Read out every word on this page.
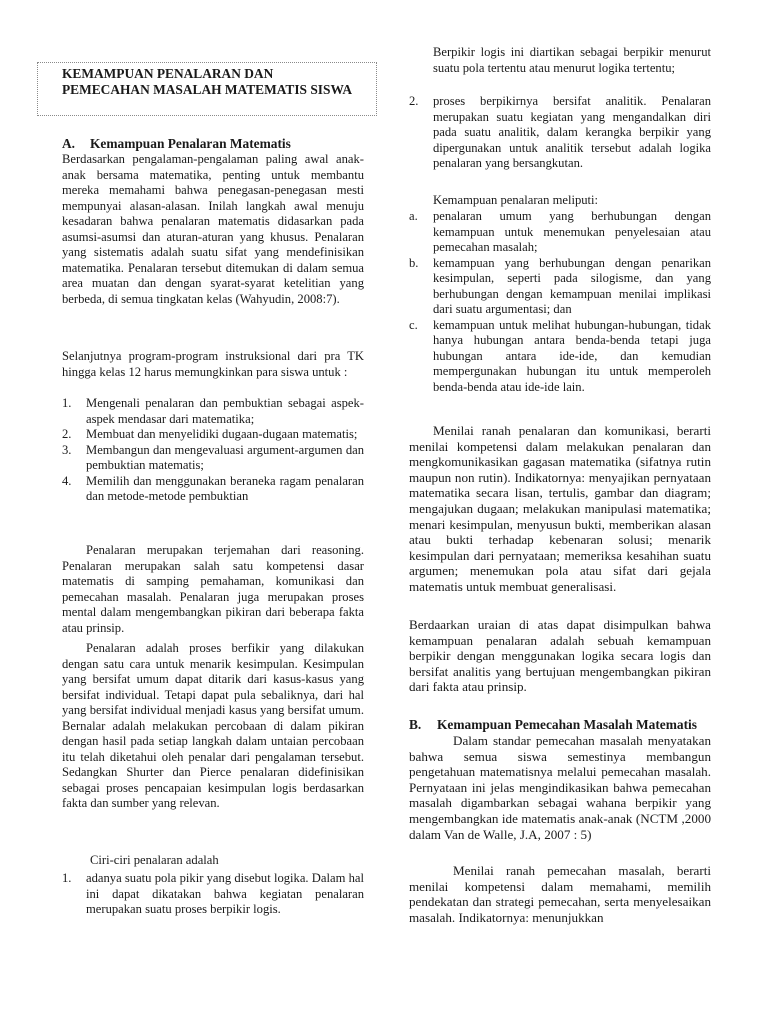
KEMAMPUAN PENALARAN DAN PEMECAHAN MASALAH MATEMATIS SISWA
A. Kemampuan Penalaran Matematis

Berdasarkan pengalaman-pengalaman paling awal anak-anak bersama matematika, penting untuk membantu mereka memahami bahwa penegasan-penegasan mesti mempunyai alasan-alasan. Inilah langkah awal menuju kesadaran bahwa penalaran matematis didasarkan pada asumsi-asumsi dan aturan-aturan yang khusus. Penalaran yang sistematis adalah suatu sifat yang mendefinisikan matematika. Penalaran tersebut ditemukan di dalam semua area muatan dan dengan syarat-syarat ketelitian yang berbeda, di semua tingkatan kelas (Wahyudin, 2008:7).

Selanjutnya program-program instruksional dari pra TK hingga kelas 12 harus memungkinkan para siswa untuk :

1. Mengenali penalaran dan pembuktian sebagai aspek-aspek mendasar dari matematika;
2. Membuat dan menyelidiki dugaan-dugaan matematis;
3. Membangun dan mengevaluasi argument-argumen dan pembuktian matematis;
4. Memilih dan menggunakan beraneka ragam penalaran dan metode-metode pembuktian

Penalaran merupakan terjemahan dari reasoning. Penalaran merupakan salah satu kompetensi dasar matematis di samping pemahaman, komunikasi dan pemecahan masalah. Penalaran juga merupakan proses mental dalam mengembangkan pikiran dari beberapa fakta atau prinsip.

Penalaran adalah proses berfikir yang dilakukan dengan satu cara untuk menarik kesimpulan. Kesimpulan yang bersifat umum dapat ditarik dari kasus-kasus yang bersifat individual. Tetapi dapat pula sebaliknya, dari hal yang bersifat individual menjadi kasus yang bersifat umum. Bernalar adalah melakukan percobaan di dalam pikiran dengan hasil pada setiap langkah dalam untaian percobaan itu telah diketahui oleh penalar dari pengalaman tersebut. Sedangkan Shurter dan Pierce penalaran didefinisikan sebagai proses pencapaian kesimpulan logis berdasarkan fakta dan sumber yang relevan.

Ciri-ciri penalaran adalah

1. adanya suatu pola pikir yang disebut logika. Dalam hal ini dapat dikatakan bahwa kegiatan penalaran merupakan suatu proses berpikir logis.

Berpikir logis ini diartikan sebagai berpikir menurut suatu pola tertentu atau menurut logika tertentu;

2. proses berpikirnya bersifat analitik. Penalaran merupakan suatu kegiatan yang mengandalkan diri pada suatu analitik, dalam kerangka berpikir yang dipergunakan untuk analitik tersebut adalah logika penalaran yang bersangkutan.

Kemampuan penalaran meliputi:

a. penalaran umum yang berhubungan dengan kemampuan untuk menemukan penyelesaian atau pemecahan masalah;
b. kemampuan yang berhubungan dengan penarikan kesimpulan, seperti pada silogisme, dan yang berhubungan dengan kemampuan menilai implikasi dari suatu argumentasi; dan
c. kemampuan untuk melihat hubungan-hubungan, tidak hanya hubungan antara benda-benda tetapi juga hubungan antara ide-ide, dan kemudian mempergunakan hubungan itu untuk memperoleh benda-benda atau ide-ide lain.

Menilai ranah penalaran dan komunikasi, berarti menilai kompetensi dalam melakukan penalaran dan mengkomunikasikan gagasan matematika (sifatnya rutin maupun non rutin). Indikatornya: menyajikan pernyataan matematika secara lisan, tertulis, gambar dan diagram; mengajukan dugaan; melakukan manipulasi matematika; menari kesimpulan, menyusun bukti, memberikan alasan atau bukti terhadap kebenaran solusi; menarik kesimpulan dari pernyataan; memeriksa kesahihan suatu argumen; menemukan pola atau sifat dari gejala matematis untuk membuat generalisasi.

Berdaarkan uraian di atas dapat disimpulkan bahwa kemampuan penalaran adalah sebuah kemampuan berpikir dengan menggunakan logika secara logis dan bersifat analitis yang bertujuan mengembangkan pikiran dari fakta atau prinsip.

B. Kemampuan Pemecahan Masalah Matematis

Dalam standar pemecahan masalah menyatakan bahwa semua siswa semestinya membangun pengetahuan matematisnya melalui pemecahan masalah. Pernyataan ini jelas mengindikasikan bahwa pemecahan masalah digambarkan sebagai wahana berpikir yang mengembangkan ide matematis anak-anak (NCTM ,2000 dalam Van de Walle, J.A, 2007 : 5)

Menilai ranah pemecahan masalah, berarti menilai kompetensi dalam memahami, memilih pendekatan dan strategi pemecahan, serta menyelesaikan masalah. Indikatornya: menunjukkan
